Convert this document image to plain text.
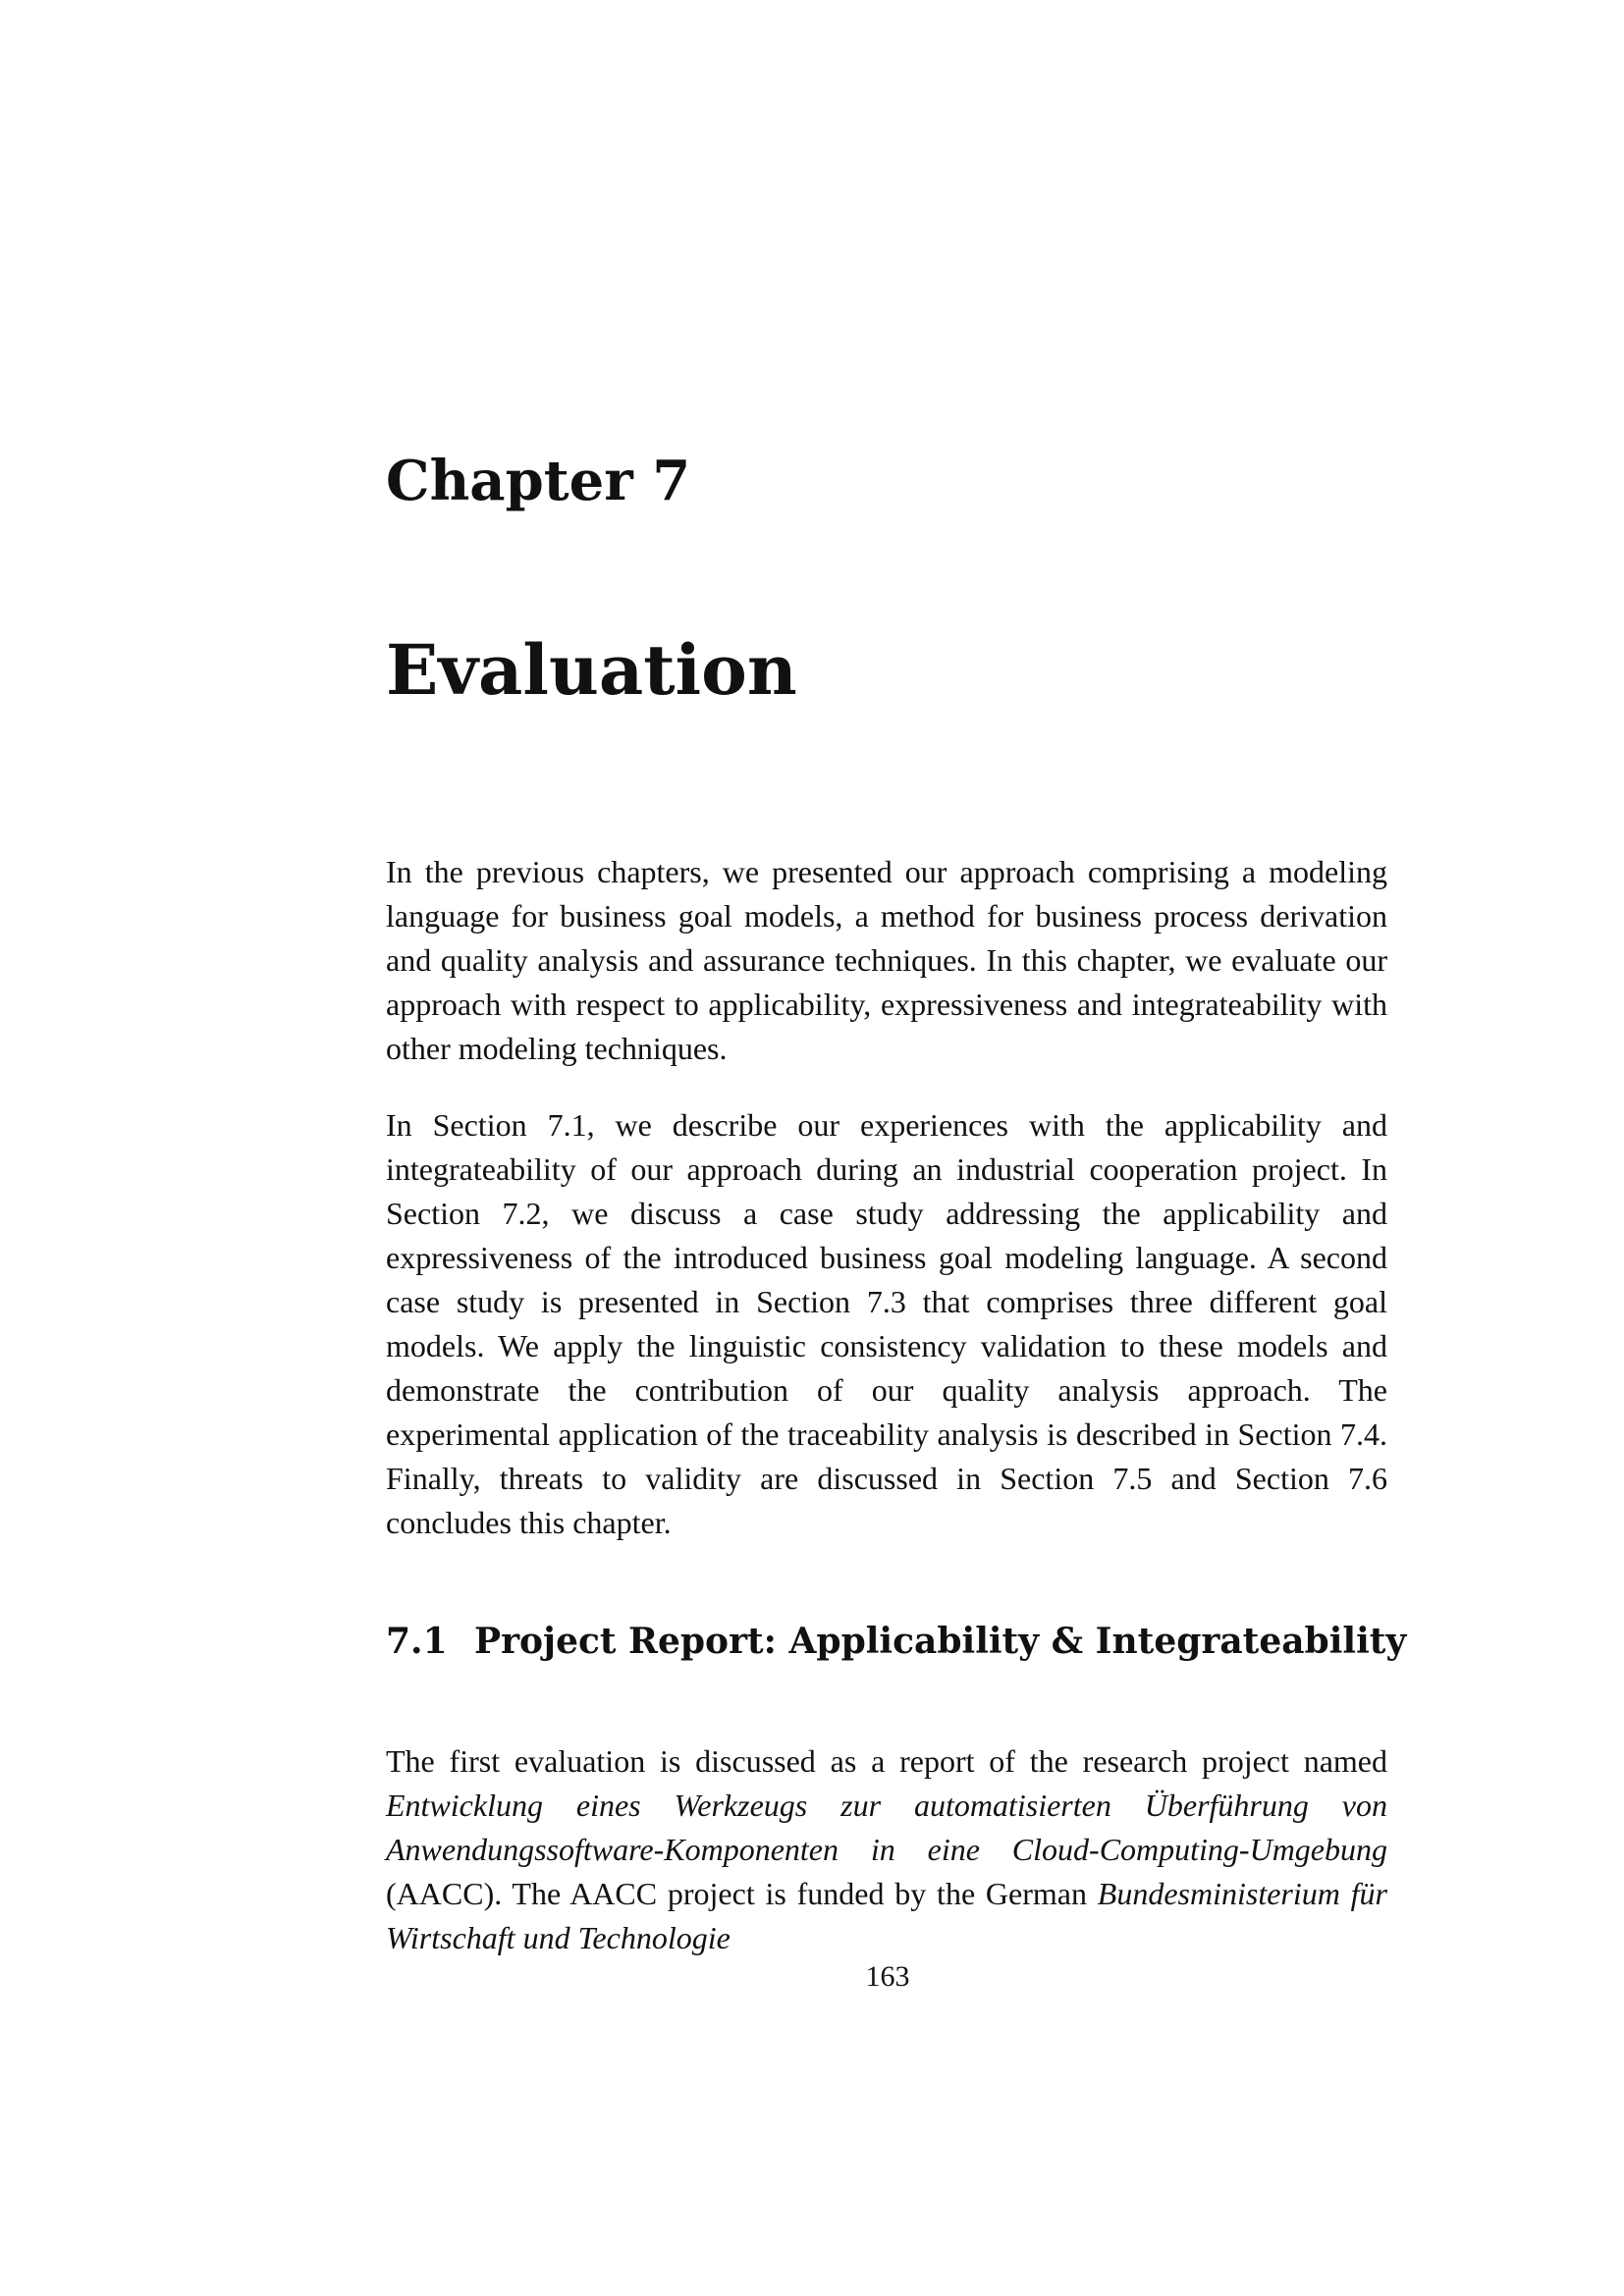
Chapter 7
Evaluation

In the previous chapters, we presented our approach comprising a modeling language for business goal models, a method for business process derivation and quality analysis and assurance techniques. In this chapter, we evaluate our approach with respect to applicability, expressiveness and integrateability with other modeling techniques.

In Section 7.1, we describe our experiences with the applicability and integrateability of our approach during an industrial cooperation project. In Section 7.2, we discuss a case study addressing the applicability and expressiveness of the introduced business goal modeling language. A second case study is presented in Section 7.3 that comprises three different goal models. We apply the linguistic consistency validation to these models and demonstrate the contribution of our quality analysis approach. The experimental application of the traceability analysis is described in Section 7.4. Finally, threats to validity are discussed in Section 7.5 and Section 7.6 concludes this chapter.

7.1 Project Report: Applicability & Integrateability

The first evaluation is discussed as a report of the research project named Entwicklung eines Werkzeugs zur automatisierten Überführung von Anwendungssoftware-Komponenten in eine Cloud-Computing-Umgebung (AACC). The AACC project is funded by the German Bundesministerium für Wirtschaft und Technologie

163
